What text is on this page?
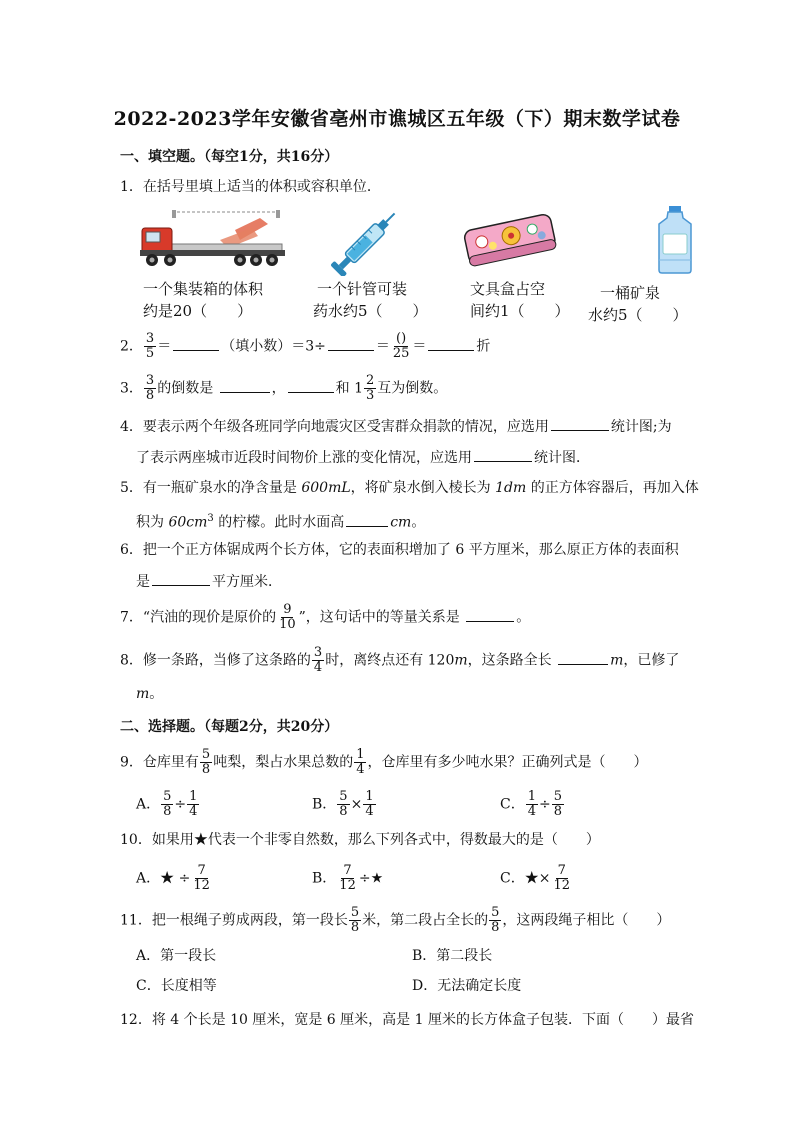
2022-2023学年安徽省亳州市谯城区五年级（下）期末数学试卷
一、填空题。（每空1分，共16分）
1．在括号里填上适当的体积或容积单位．
一个集装箱的体积
约是20（　　）
一个针管可装
药水约5（　　）
文具盒占空
间约1（　　）
一桶矿泉
水约5（　　）
2． $\frac{3}{5}$ ＝	（填小数）＝3÷	＝ $\frac{()}{25}$ ＝	折
3． $\frac{3}{8}$ 的倒数是	，	和 $1 \frac{2}{3}$ 互为倒数。
4．要表示两个年级各班同学向地震灾区受害群众捐款的情况，应选用	统计图;为
了表示两座城市近段时间物价上涨的变化情况，应选用	统计图．
5．有一瓶矿泉水的净含量是 600mL，将矿泉水倒入棱长为 1dm 的正方体容器后，再加入体
积为 $60cm^3$ 的柠檬。此时水面高	cm。
6．把一个正方体锯成两个长方体，它的表面积增加了 6 平方厘米，那么原正方体的表面积
是	平方厘米．
7．“汽油的现价是原价的 $\frac{9}{10}$ ”，这句话中的等量关系是	。
8．修一条路，当修了这条路的 $\frac{3}{4}$ 时，离终点还有 120m，这条路全长	m，已修了
m。
二、选择题。（每题2分，共20分）
9．仓库里有 $\frac{5}{8}$ 吨梨，梨占水果总数的 $\frac{1}{4}$ ，仓库里有多少吨水果？正确列式是（　　）
A． $\frac{5}{8} \div \frac{1}{4}$	B． $\frac{5}{8} \times \frac{1}{4}$	C． $\frac{1}{4} \div \frac{5}{8}$
10．如果用★代表一个非零自然数，那么下列各式中，得数最大的是（　　）
A．★ ÷ $\frac{7}{12}$	B． $\frac{7}{12}$ ÷★	C．★× $\frac{7}{12}$
11．把一根绳子剪成两段，第一段长 $\frac{5}{8}$ 米，第二段占全长的 $\frac{5}{8}$ ，这两段绳子相比（　　）
A．第一段长	B．第二段长
C．长度相等	D．无法确定长度
12．将 4 个长是 10 厘米，宽是 6 厘米，高是 1 厘米的长方体盒子包装．下面（　　）最省
